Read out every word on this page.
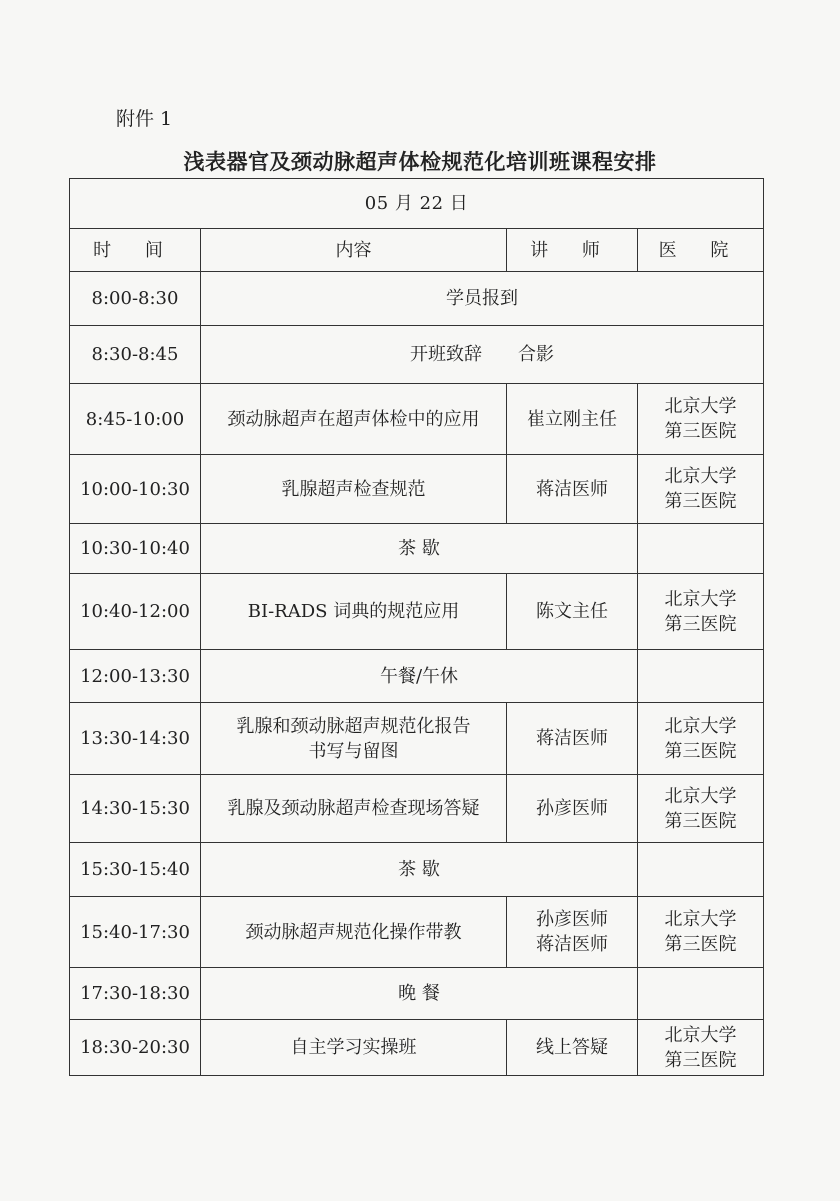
附件 1
浅表器官及颈动脉超声体检规范化培训班课程安排
05 月 22 日			
时 间	内容	讲 师	医 院
8:00-8:30	学员报到		
8:30-8:45	开班致辞　　合影		
8:45-10:00	颈动脉超声在超声体检中的应用	崔立刚主任	北京大学
第三医院
10:00-10:30	乳腺超声检查规范	蒋洁医师	北京大学
第三医院
10:30-10:40	茶 歇		
10:40-12:00	BI-RADS 词典的规范应用	陈文主任	北京大学
第三医院
12:00-13:30	午餐/午休		
13:30-14:30	乳腺和颈动脉超声规范化报告
书写与留图	蒋洁医师	北京大学
第三医院
14:30-15:30	乳腺及颈动脉超声检查现场答疑	孙彦医师	北京大学
第三医院
15:30-15:40	茶 歇		
15:40-17:30	颈动脉超声规范化操作带教	孙彦医师
蒋洁医师	北京大学
第三医院
17:30-18:30	晚 餐		
18:30-20:30	自主学习实操班	线上答疑	北京大学
第三医院
